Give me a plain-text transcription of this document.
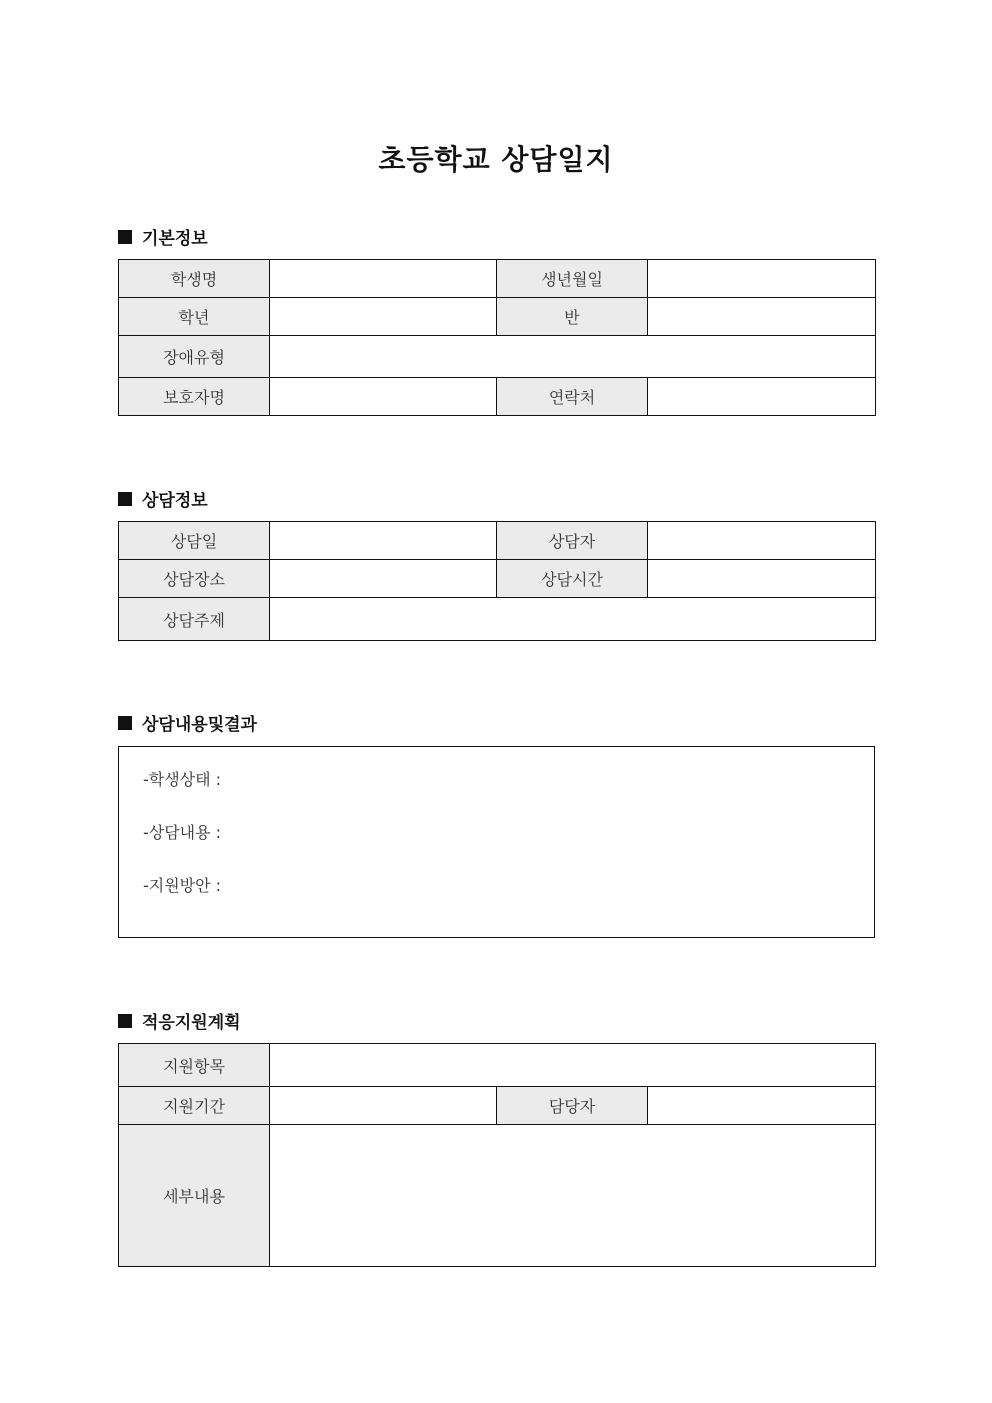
초등학교 상담일지
기본정보
학생명		생년월일	
학년		반	
장애유형			
보호자명		연락처	
상담정보
상담일		상담자	
상담장소		상담시간	
상담주제			
상담내용및결과
-학생상태 :
-상담내용 :
-지원방안 :
적응지원계획
지원항목			
지원기간		담당자	
세부내용			
